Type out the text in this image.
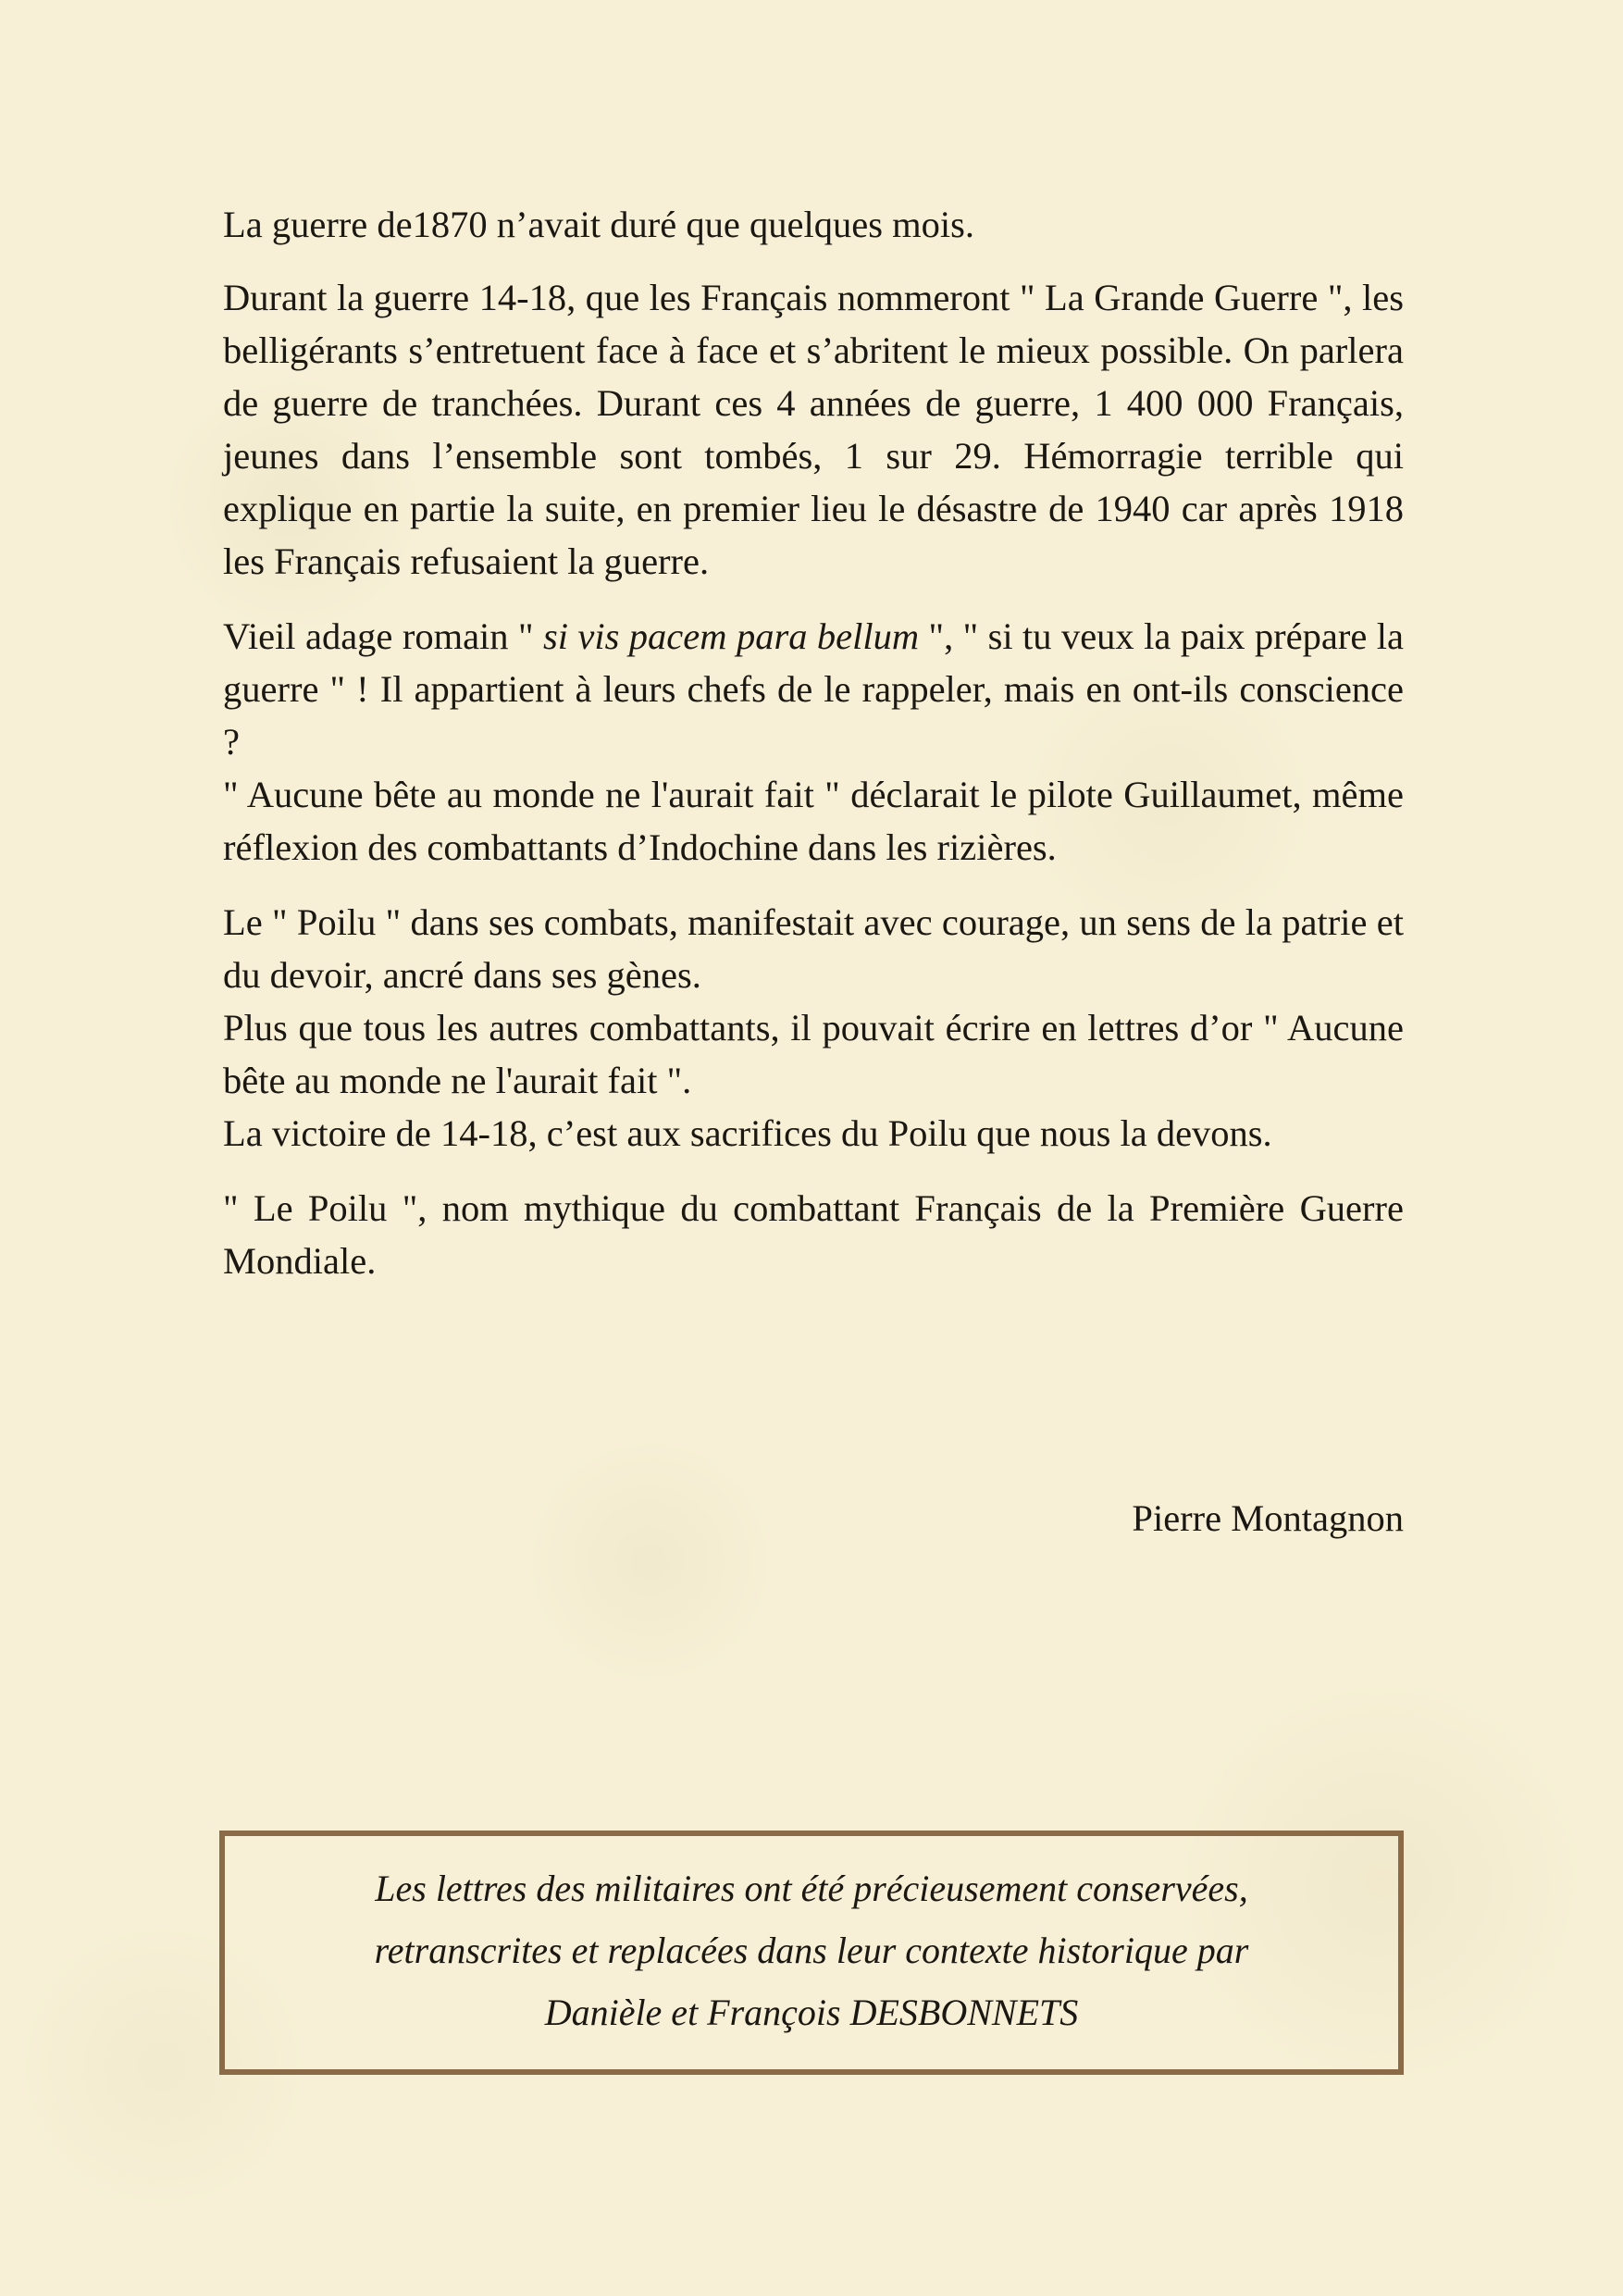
La guerre de1870 n’avait duré que quelques mois.

Durant la guerre 14-18, que les Français nommeront " La Grande Guerre ", les belligérants s’entretuent face à face et s’abritent le mieux possible. On parlera de guerre de tranchées. Durant ces 4 années de guerre, 1 400 000 Français, jeunes dans l’ensemble sont tombés, 1 sur 29. Hémorragie terrible qui explique en partie la suite, en premier lieu le désastre de 1940 car après 1918 les Français refusaient la guerre.

Vieil adage romain " si vis pacem para bellum ", " si tu veux la paix prépare la guerre " ! Il appartient à leurs chefs de le rappeler, mais en ont-ils conscience ?

" Aucune bête au monde ne l'aurait fait " déclarait le pilote Guillaumet, même réflexion des combattants d’Indochine dans les rizières.

Le " Poilu " dans ses combats, manifestait avec courage, un sens de la patrie et du devoir, ancré dans ses gènes.

Plus que tous les autres combattants, il pouvait écrire en lettres d’or " Aucune bête au monde ne l'aurait fait ".

La victoire de 14-18, c’est aux sacrifices du Poilu que nous la devons.

" Le Poilu ", nom mythique du combattant Français de la Première Guerre Mondiale.

Pierre Montagnon
Les lettres des militaires ont été précieusement conservées,
retranscrites et replacées dans leur contexte historique par
Danièle et François DESBONNETS
